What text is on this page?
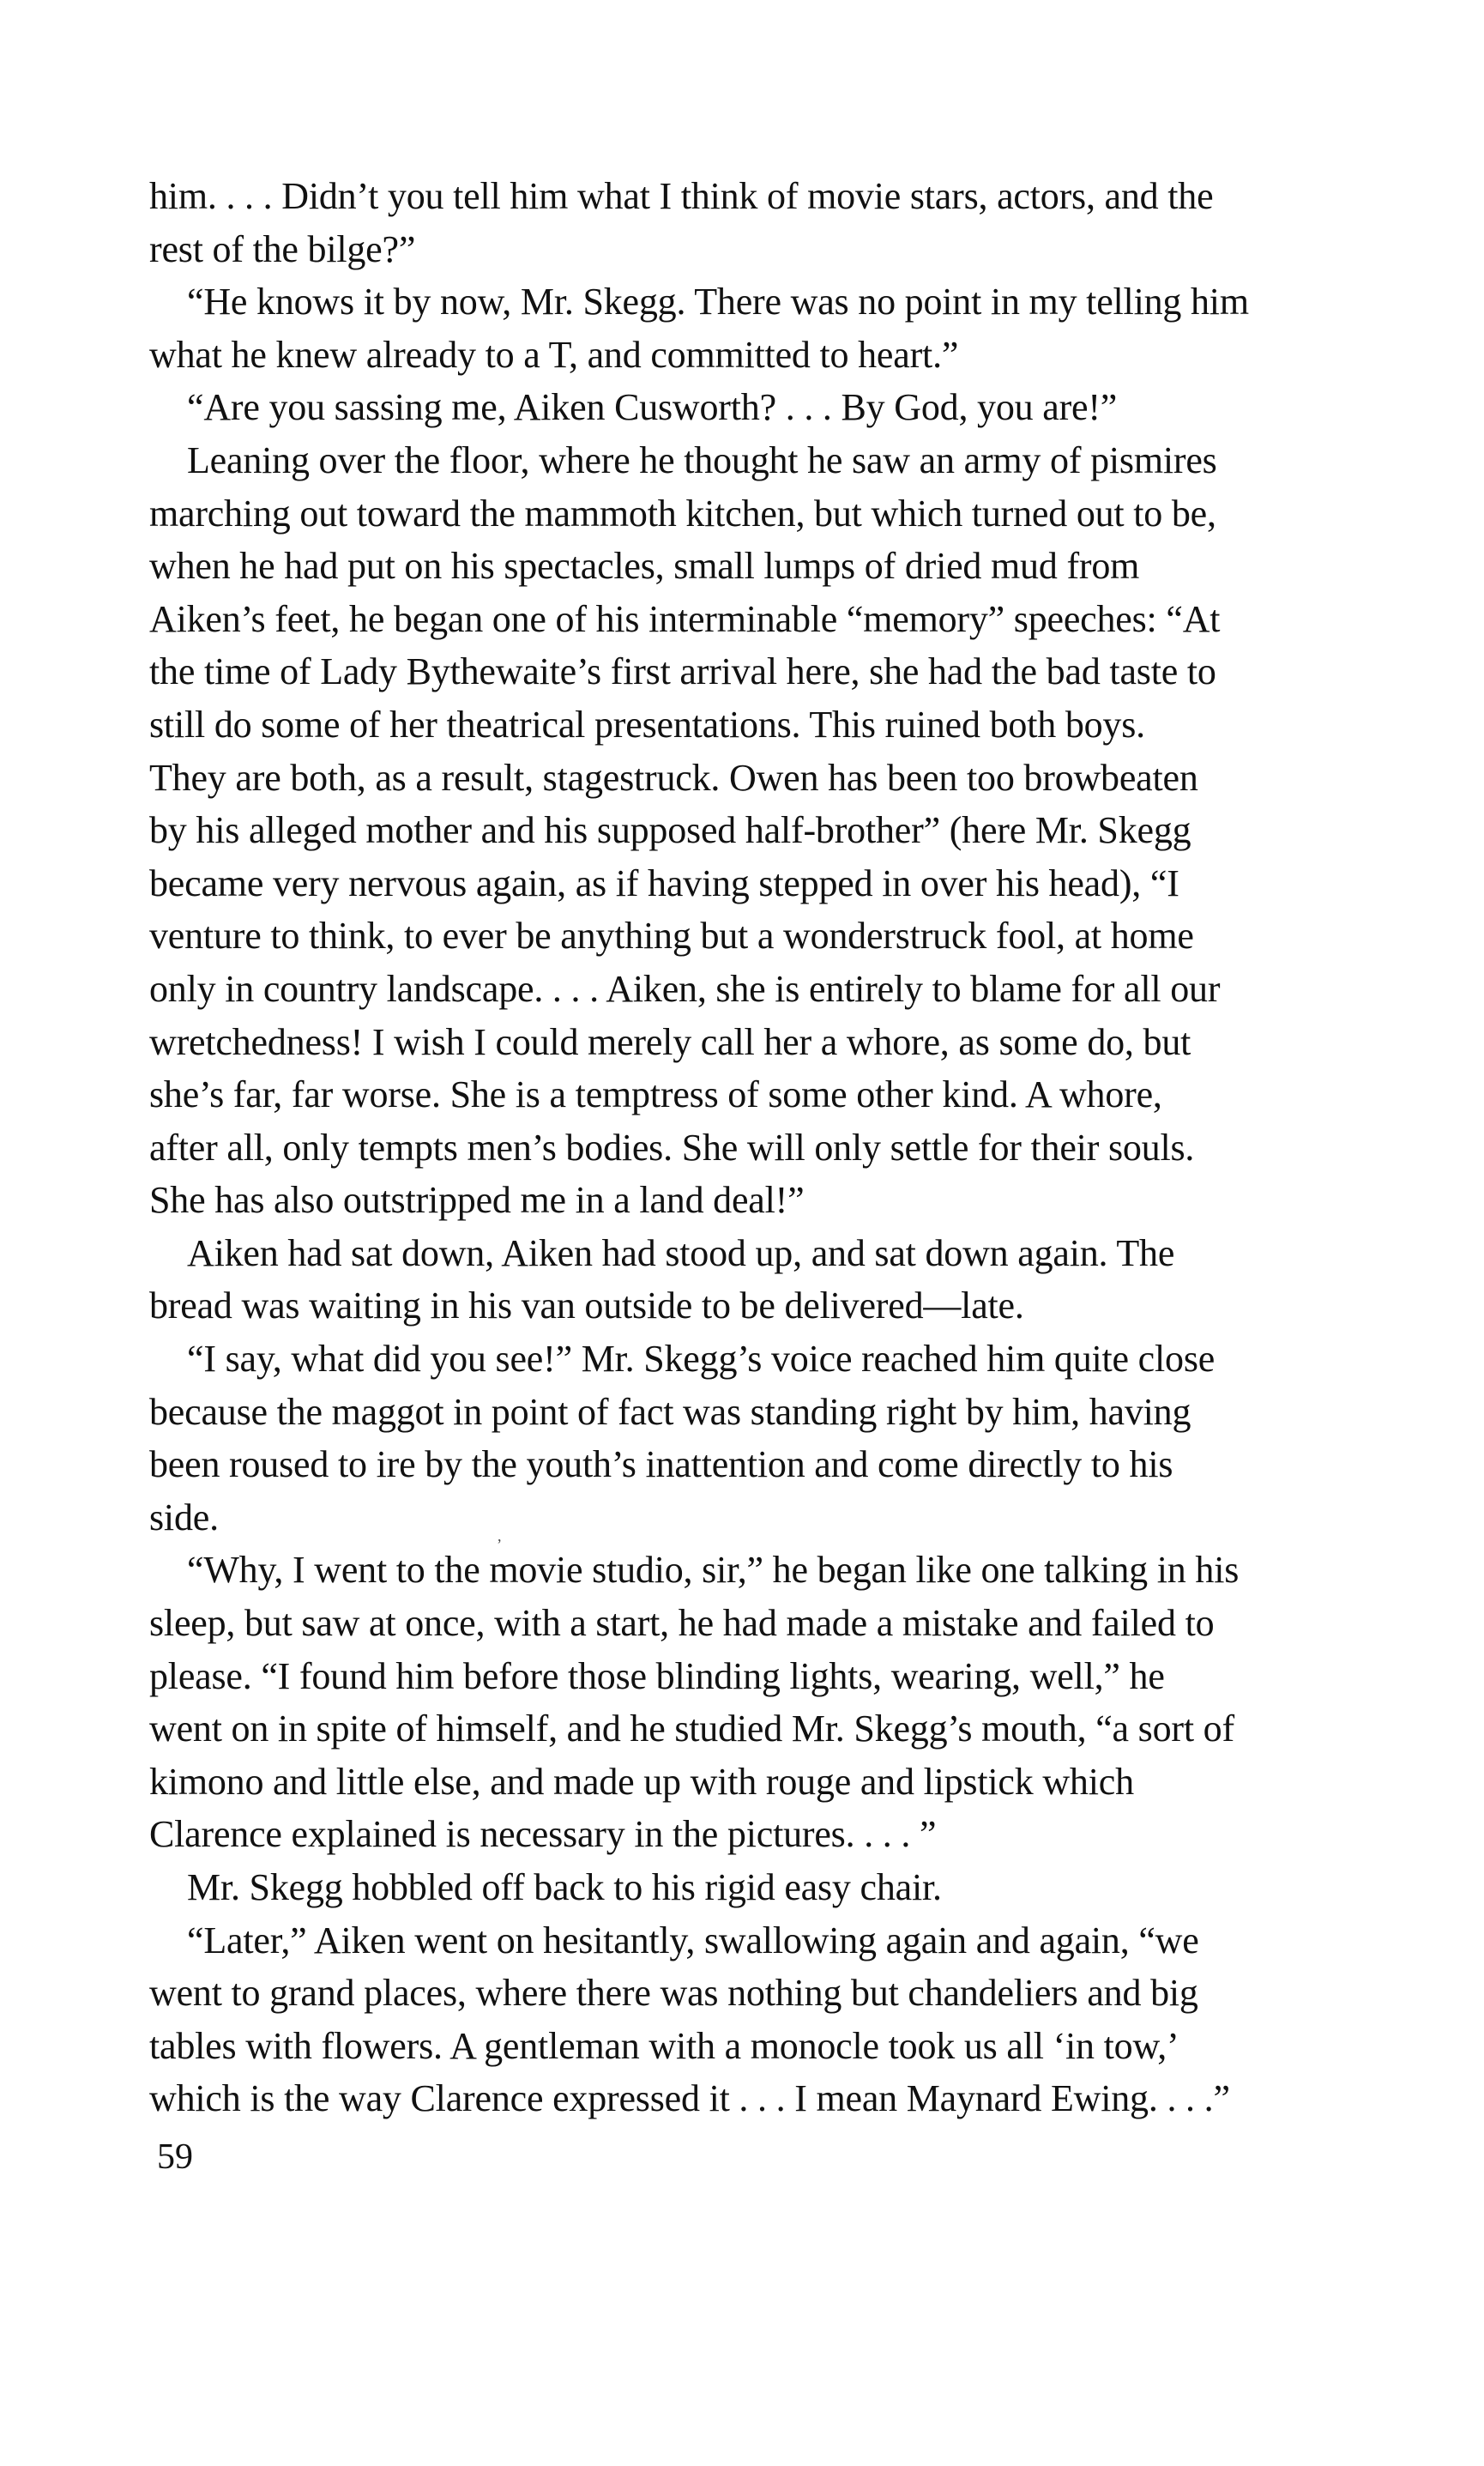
him. . . . Didn’t you tell him what I think of movie stars, actors, and the
rest of the bilge?”
“He knows it by now, Mr. Skegg. There was no point in my telling him
what he knew already to a T, and committed to heart.”
“Are you sassing me, Aiken Cusworth? . . . By God, you are!”
Leaning over the floor, where he thought he saw an army of pismires
marching out toward the mammoth kitchen, but which turned out to be,
when he had put on his spectacles, small lumps of dried mud from
Aiken’s feet, he began one of his interminable “memory” speeches: “At
the time of Lady Bythewaite’s first arrival here, she had the bad taste to
still do some of her theatrical presentations. This ruined both boys.
They are both, as a result, stagestruck. Owen has been too browbeaten
by his alleged mother and his supposed half-brother” (here Mr. Skegg
became very nervous again, as if having stepped in over his head), “I
venture to think, to ever be anything but a wonderstruck fool, at home
only in country landscape. . . . Aiken, she is entirely to blame for all our
wretchedness! I wish I could merely call her a whore, as some do, but
she’s far, far worse. She is a temptress of some other kind. A whore,
after all, only tempts men’s bodies. She will only settle for their souls.
She has also outstripped me in a land deal!”
Aiken had sat down, Aiken had stood up, and sat down again. The
bread was waiting in his van outside to be delivered—late.
“I say, what did you see!” Mr. Skegg’s voice reached him quite close
because the maggot in point of fact was standing right by him, having
been roused to ire by the youth’s inattention and come directly to his
side.
“Why, I went to the movie studio, sir,” he began like one talking in his
sleep, but saw at once, with a start, he had made a mistake and failed to
please. “I found him before those blinding lights, wearing, well,” he
went on in spite of himself, and he studied Mr. Skegg’s mouth, “a sort of
kimono and little else, and made up with rouge and lipstick which
Clarence explained is necessary in the pictures. . . . ”
Mr. Skegg hobbled off back to his rigid easy chair.
“Later,” Aiken went on hesitantly, swallowing again and again, “we
went to grand places, where there was nothing but chandeliers and big
tables with flowers. A gentleman with a monocle took us all ‘in tow,’
which is the way Clarence expressed it . . . I mean Maynard Ewing. . . .”
,
59
